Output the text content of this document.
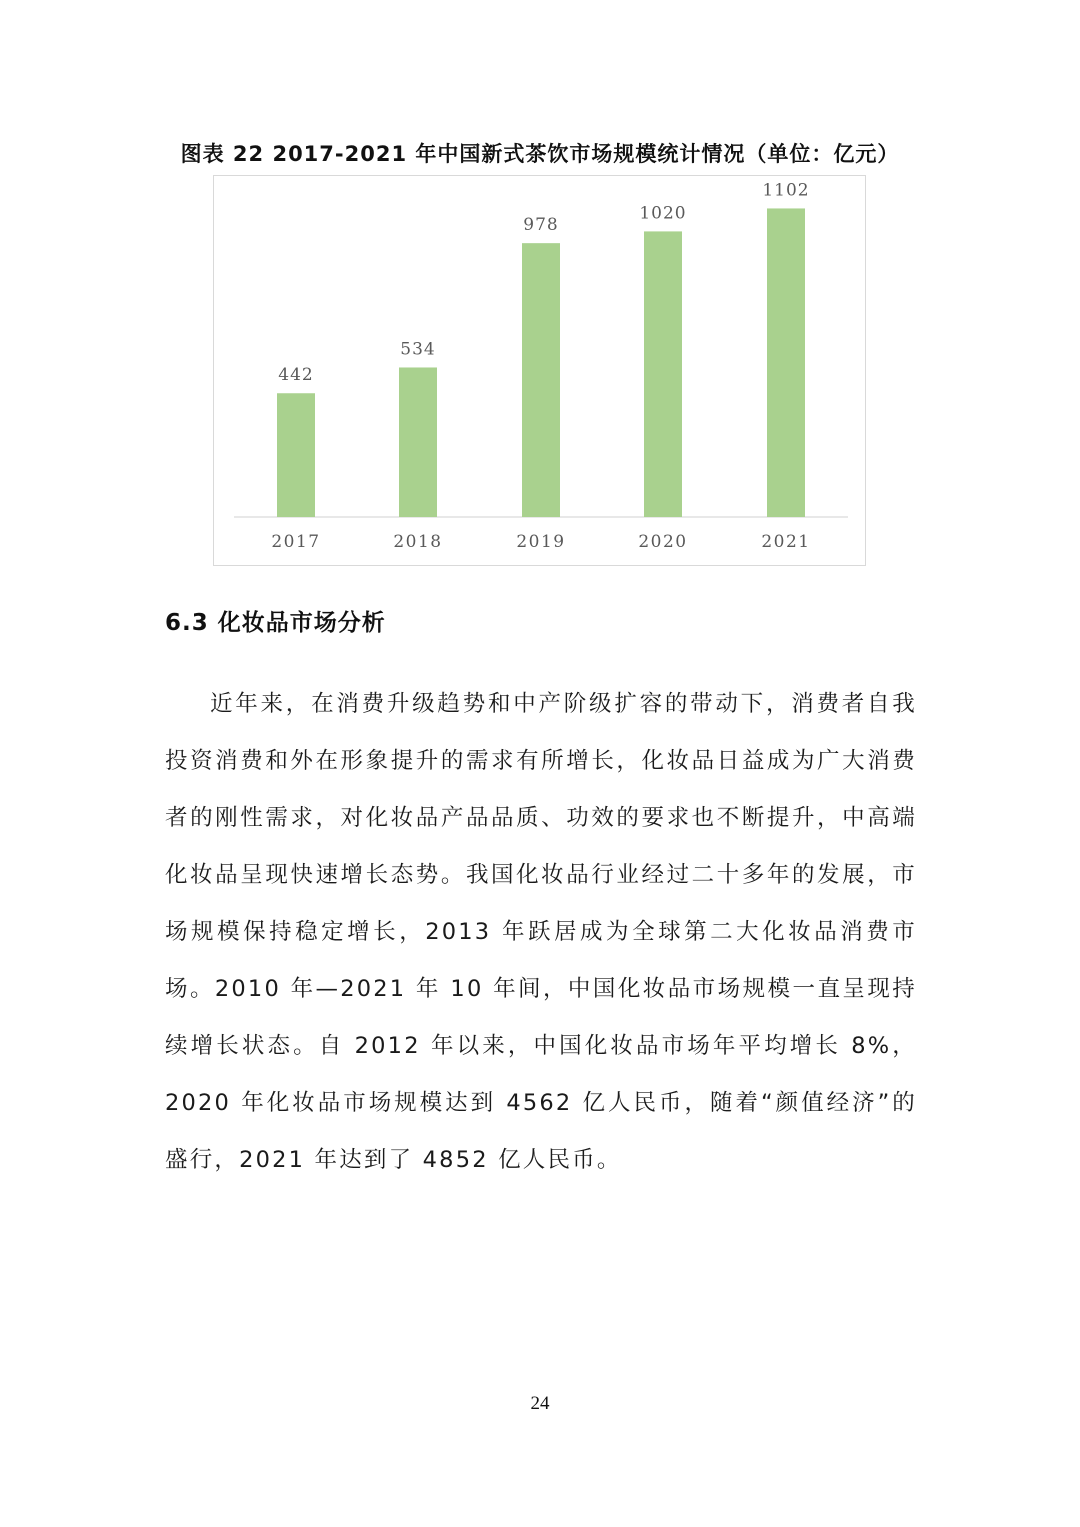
图表 22 2017-2021 年中国新式茶饮市场规模统计情况（单位：亿元）
442
2017
534
2018
978
2019
1020
2020
1102
2021
6.3 化妆品市场分析
近年来，在消费升级趋势和中产阶级扩容的带动下，消费者自我投资消费和外在形象提升的需求有所增长，化妆品日益成为广大消费者的刚性需求，对化妆品产品品质、功效的要求也不断提升，中高端化妆品呈现快速增长态势。我国化妆品行业经过二十多年的发展，市场规模保持稳定增长，2013 年跃居成为全球第二大化妆品消费市场。2010 年—2021 年 10 年间，中国化妆品市场规模一直呈现持续增长状态。自 2012 年以来，中国化妆品市场年平均增长 8%，2020 年化妆品市场规模达到 4562 亿人民币，随着“颜值经济”的盛行，2021 年达到了 4852 亿人民币。
24
